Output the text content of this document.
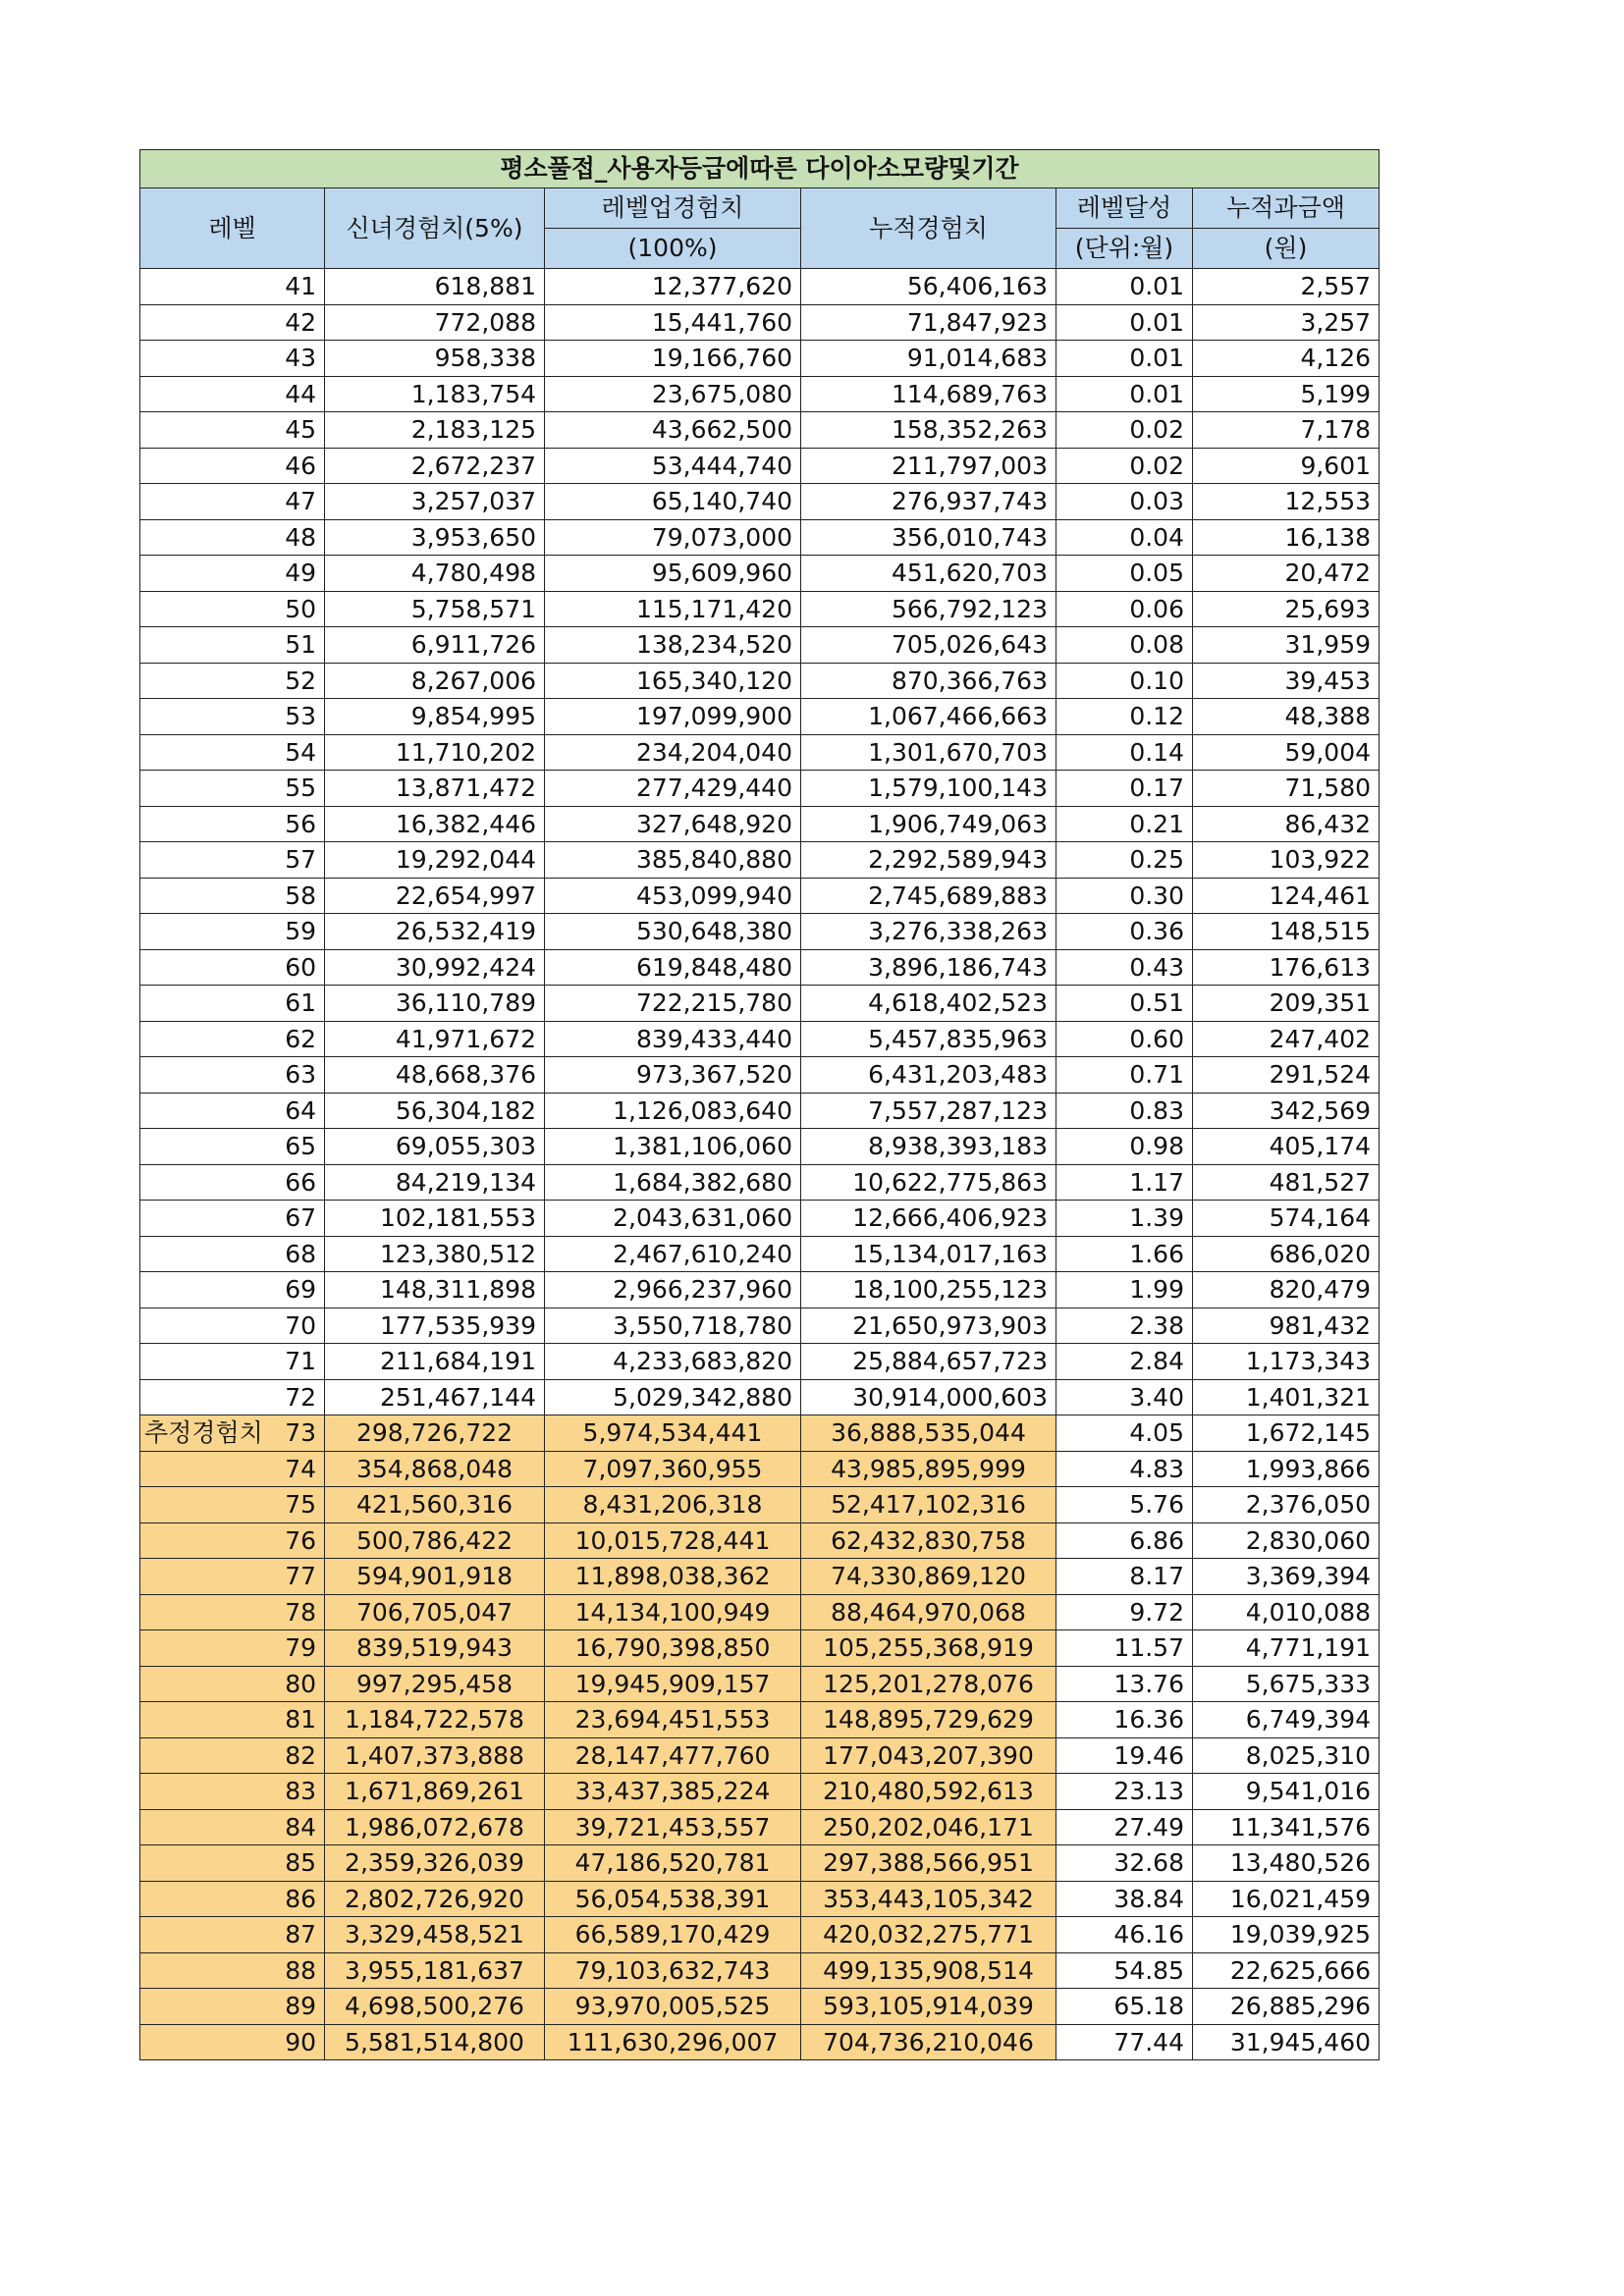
평소풀접_사용자등급에따른 다이아소모량및기간					
레벨	신녀경험치(5%)	레벨업경험치	누적경험치	레벨달성	누적과금액
		(100%)		(단위:월)	(원)
41	618,881	12,377,620	56,406,163	0.01	2,557
42	772,088	15,441,760	71,847,923	0.01	3,257
43	958,338	19,166,760	91,014,683	0.01	4,126
44	1,183,754	23,675,080	114,689,763	0.01	5,199
45	2,183,125	43,662,500	158,352,263	0.02	7,178
46	2,672,237	53,444,740	211,797,003	0.02	9,601
47	3,257,037	65,140,740	276,937,743	0.03	12,553
48	3,953,650	79,073,000	356,010,743	0.04	16,138
49	4,780,498	95,609,960	451,620,703	0.05	20,472
50	5,758,571	115,171,420	566,792,123	0.06	25,693
51	6,911,726	138,234,520	705,026,643	0.08	31,959
52	8,267,006	165,340,120	870,366,763	0.10	39,453
53	9,854,995	197,099,900	1,067,466,663	0.12	48,388
54	11,710,202	234,204,040	1,301,670,703	0.14	59,004
55	13,871,472	277,429,440	1,579,100,143	0.17	71,580
56	16,382,446	327,648,920	1,906,749,063	0.21	86,432
57	19,292,044	385,840,880	2,292,589,943	0.25	103,922
58	22,654,997	453,099,940	2,745,689,883	0.30	124,461
59	26,532,419	530,648,380	3,276,338,263	0.36	148,515
60	30,992,424	619,848,480	3,896,186,743	0.43	176,613
61	36,110,789	722,215,780	4,618,402,523	0.51	209,351
62	41,971,672	839,433,440	5,457,835,963	0.60	247,402
63	48,668,376	973,367,520	6,431,203,483	0.71	291,524
64	56,304,182	1,126,083,640	7,557,287,123	0.83	342,569
65	69,055,303	1,381,106,060	8,938,393,183	0.98	405,174
66	84,219,134	1,684,382,680	10,622,775,863	1.17	481,527
67	102,181,553	2,043,631,060	12,666,406,923	1.39	574,164
68	123,380,512	2,467,610,240	15,134,017,163	1.66	686,020
69	148,311,898	2,966,237,960	18,100,255,123	1.99	820,479
70	177,535,939	3,550,718,780	21,650,973,903	2.38	981,432
71	211,684,191	4,233,683,820	25,884,657,723	2.84	1,173,343
72	251,467,144	5,029,342,880	30,914,000,603	3.40	1,401,321

추정경험치 73	298,726,722	5,974,534,441	36,888,535,044	4.05	1,672,145
74	354,868,048	7,097,360,955	43,985,895,999	4.83	1,993,866
75	421,560,316	8,431,206,318	52,417,102,316	5.76	2,376,050
76	500,786,422	10,015,728,441	62,432,830,758	6.86	2,830,060
77	594,901,918	11,898,038,362	74,330,869,120	8.17	3,369,394
78	706,705,047	14,134,100,949	88,464,970,068	9.72	4,010,088
79	839,519,943	16,790,398,850	105,255,368,919	11.57	4,771,191
80	997,295,458	19,945,909,157	125,201,278,076	13.76	5,675,333
81	1,184,722,578	23,694,451,553	148,895,729,629	16.36	6,749,394
82	1,407,373,888	28,147,477,760	177,043,207,390	19.46	8,025,310
83	1,671,869,261	33,437,385,224	210,480,592,613	23.13	9,541,016
84	1,986,072,678	39,721,453,557	250,202,046,171	27.49	11,341,576
85	2,359,326,039	47,186,520,781	297,388,566,951	32.68	13,480,526
86	2,802,726,920	56,054,538,391	353,443,105,342	38.84	16,021,459
87	3,329,458,521	66,589,170,429	420,032,275,771	46.16	19,039,925
88	3,955,181,637	79,103,632,743	499,135,908,514	54.85	22,625,666
89	4,698,500,276	93,970,005,525	593,105,914,039	65.18	26,885,296
90	5,581,514,800	111,630,296,007	704,736,210,046	77.44	31,945,460
